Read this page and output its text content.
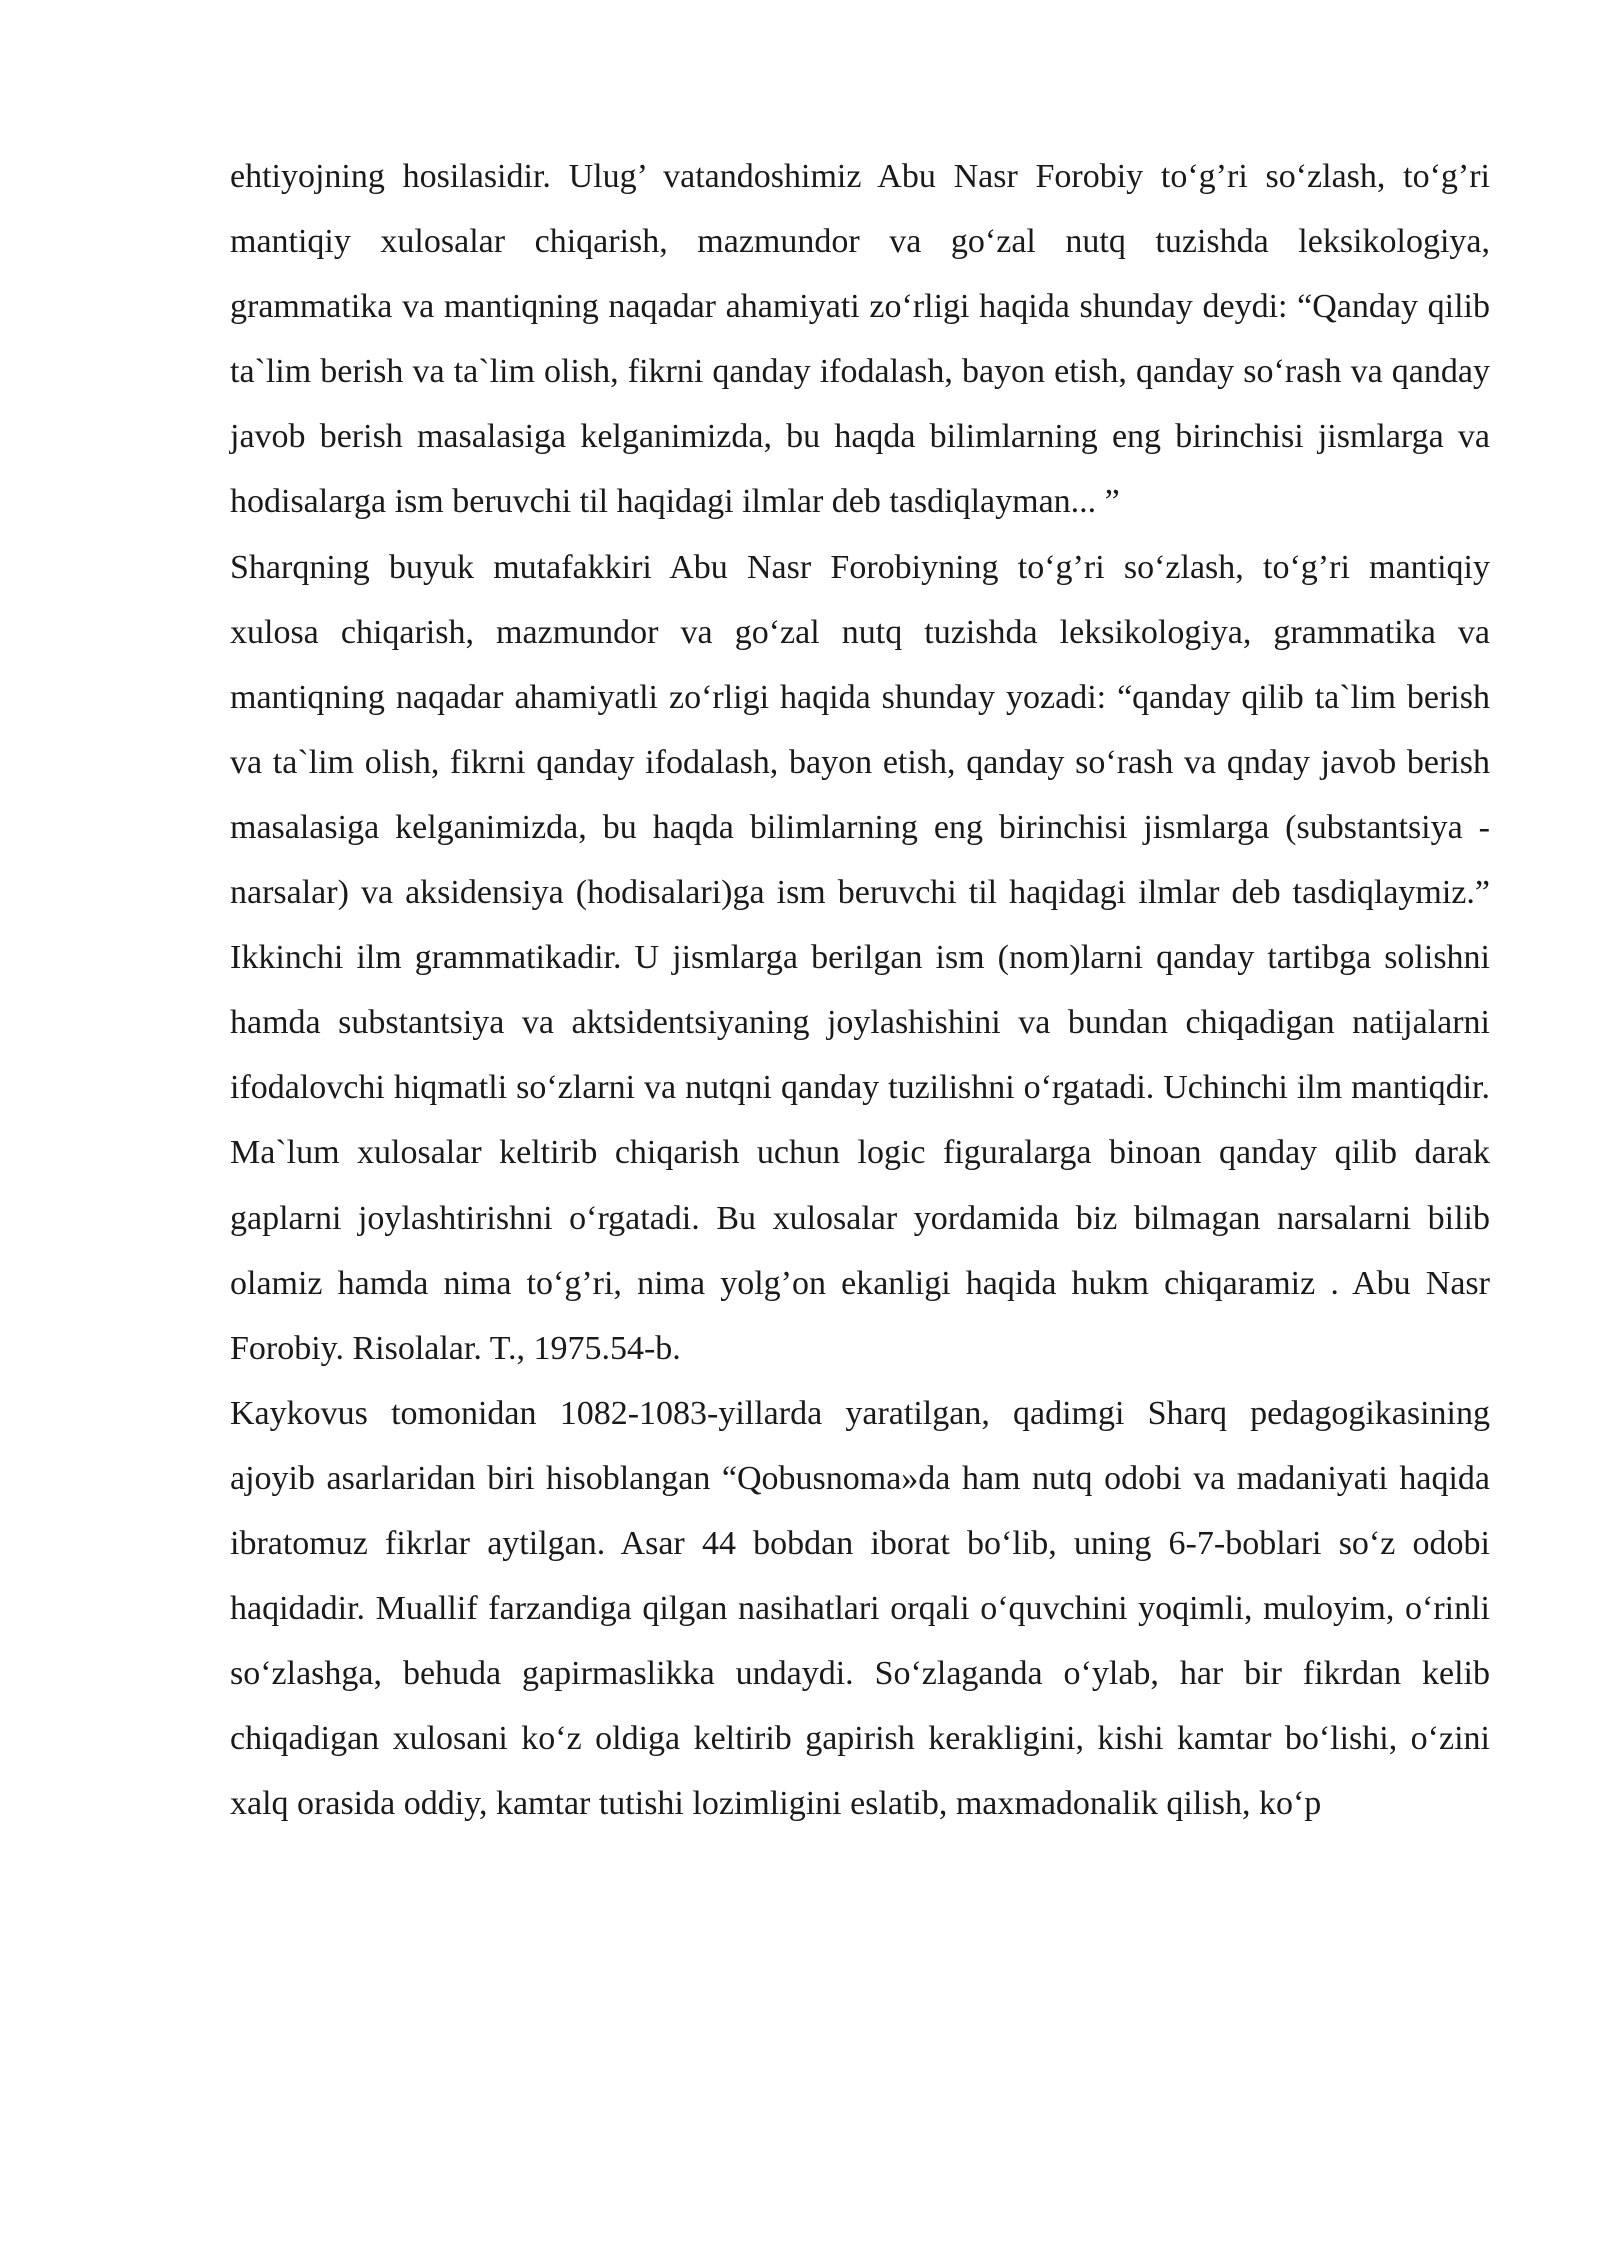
ehtiyojning hosilasidir. Ulug’ vatandoshimiz Abu Nasr Forobiy to‘g’ri so‘zlash, to‘g’ri mantiqiy xulosalar chiqarish, mazmundor va go‘zal nutq tuzishda leksikologiya, grammatika va mantiqning naqadar ahamiyati zo‘rligi haqida shunday deydi: “Qanday qilib ta`lim berish va ta`lim olish, fikrni qanday ifodalash, bayon etish, qanday so‘rash va qanday javob berish masalasiga kelganimizda, bu haqda bilimlarning eng birinchisi jismlarga va hodisalarga ism beruvchi til haqidagi ilmlar deb tasdiqlayman... ”

Sharqning buyuk mutafakkiri Abu Nasr Forobiyning to‘g’ri so‘zlash, to‘g’ri mantiqiy xulosa chiqarish, mazmundor va go‘zal nutq tuzishda leksikologiya, grammatika va mantiqning naqadar ahamiyatli zo‘rligi haqida shunday yozadi: “qanday qilib ta`lim berish va ta`lim olish, fikrni qanday ifodalash, bayon etish, qanday so‘rash va qnday javob berish masalasiga kelganimizda, bu haqda bilimlarning eng birinchisi jismlarga (substantsiya -narsalar) va aksidensiya (hodisalari)ga ism beruvchi til haqidagi ilmlar deb tasdiqlaymiz.” Ikkinchi ilm grammatikadir. U jismlarga berilgan ism (nom)larni qanday tartibga solishni hamda substantsiya va aktsidentsiyaning joylashishini va bundan chiqadigan natijalarni ifodalovchi hiqmatli so‘zlarni va nutqni qanday tuzilishni o‘rgatadi. Uchinchi ilm mantiqdir. Ma`lum xulosalar keltirib chiqarish uchun logic figuralarga binoan qanday qilib darak gaplarni joylashtirishni o‘rgatadi. Bu xulosalar yordamida biz bilmagan narsalarni bilib olamiz hamda nima to‘g’ri, nima yolg’on ekanligi haqida hukm chiqaramiz . Abu Nasr Forobiy. Risolalar. T., 1975.54-b.

Kaykovus tomonidan 1082-1083-yillarda yaratilgan, qadimgi Sharq pedagogikasining ajoyib asarlaridan biri hisoblangan “Qobusnoma»da ham nutq odobi va madaniyati haqida ibratomuz fikrlar aytilgan. Asar 44 bobdan iborat bo‘lib, uning 6-7-boblari so‘z odobi haqidadir. Muallif farzandiga qilgan nasihatlari orqali o‘quvchini yoqimli, muloyim, o‘rinli so‘zlashga, behuda gapirmaslikka undaydi. So‘zlaganda o‘ylab, har bir fikrdan kelib chiqadigan xulosani ko‘z oldiga keltirib gapirish kerakligini, kishi kamtar bo‘lishi, o‘zini xalq orasida oddiy, kamtar tutishi lozimligini eslatib, maxmadonalik qilish, ko‘p
